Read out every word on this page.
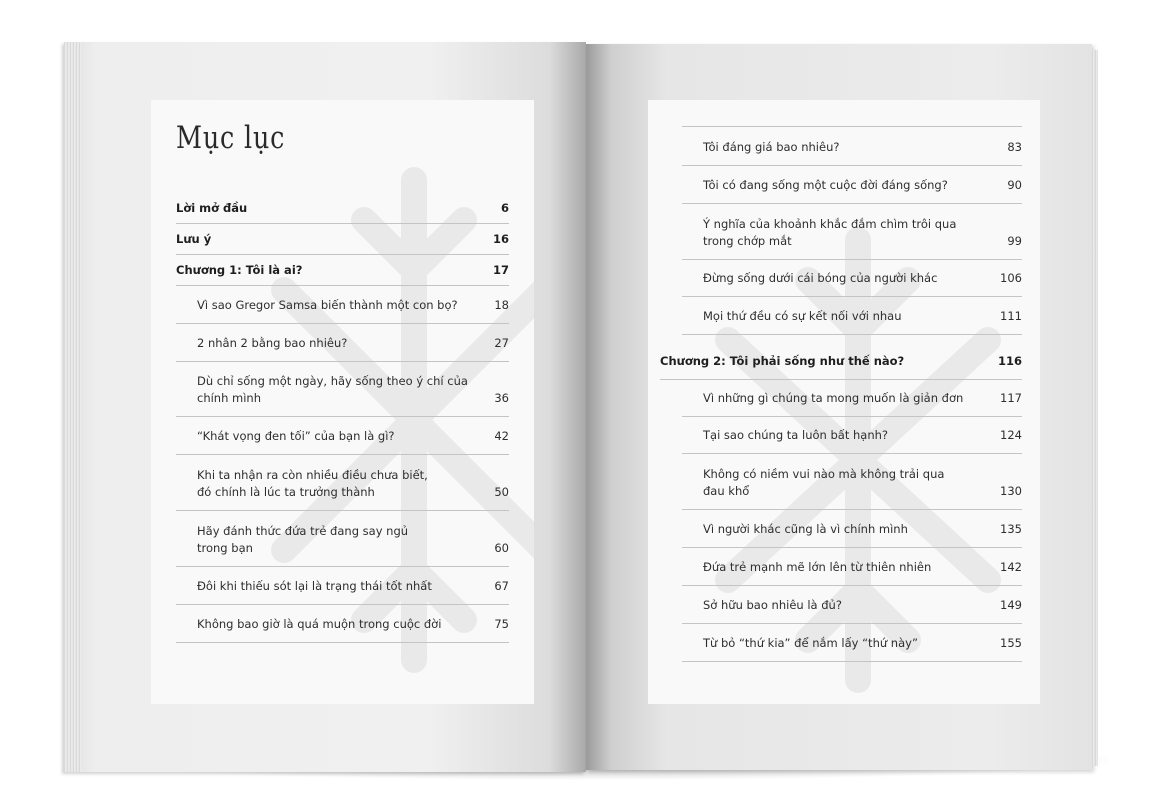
Mục lục
Lời mở đầu	6
Lưu ý	16
Chương 1: Tôi là ai?	17
Vì sao Gregor Samsa biến thành một con bọ?	18
2 nhân 2 bằng bao nhiêu?	27
Dù chỉ sống một ngày, hãy sống theo ý chí của
chính mình	36
“Khát vọng đen tối” của bạn là gì?	42
Khi ta nhận ra còn nhiều điều chưa biết,
đó chính là lúc ta trưởng thành	50
Hãy đánh thức đứa trẻ đang say ngủ
trong bạn	60
Đôi khi thiếu sót lại là trạng thái tốt nhất	67
Không bao giờ là quá muộn trong cuộc đời	75
Tôi đáng giá bao nhiêu?	83
Tôi có đang sống một cuộc đời đáng sống?	90
Ý nghĩa của khoảnh khắc đắm chìm trôi qua
trong chớp mắt	99
Đừng sống dưới cái bóng của người khác	106
Mọi thứ đều có sự kết nối với nhau	111
Chương 2: Tôi phải sống như thế nào?	116
Vì những gì chúng ta mong muốn là giản đơn	117
Tại sao chúng ta luôn bất hạnh?	124
Không có niềm vui nào mà không trải qua
đau khổ	130
Vì người khác cũng là vì chính mình	135
Đứa trẻ mạnh mẽ lớn lên từ thiên nhiên	142
Sở hữu bao nhiêu là đủ?	149
Từ bỏ “thứ kia” để nắm lấy “thứ này”	155
